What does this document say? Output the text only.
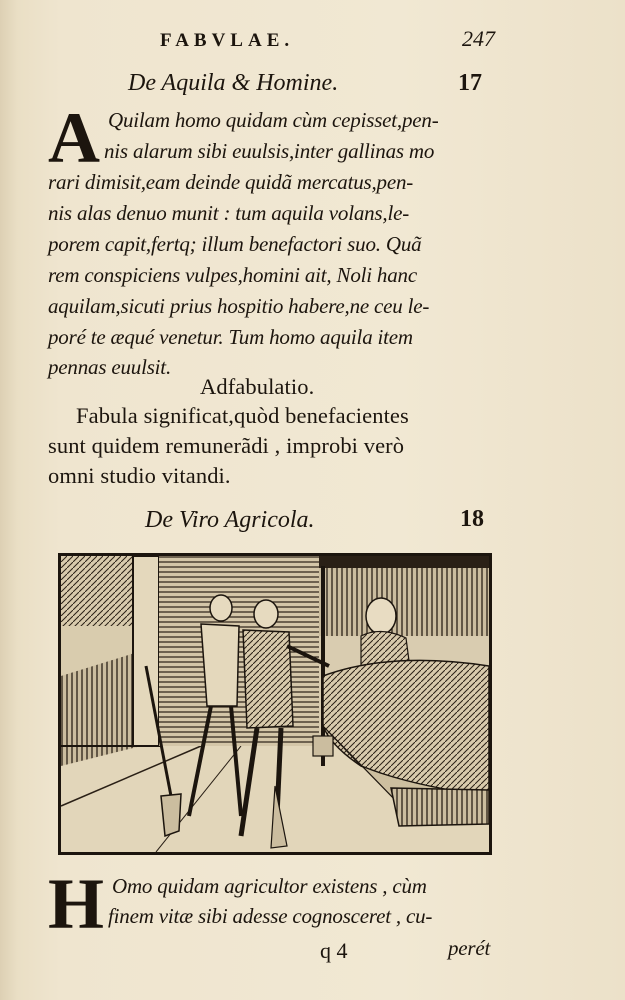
FABVLAE.	247
De Aquila & Homine.	17
A Quilam homo quidam cùm cepisset,pen-
nis alarum sibi euulsis,inter gallinas mo
rari dimisit,eam deinde quidã mercatus,pen-
nis alas denuo munit : tum aquila volans,le-
porem capit,fertq; illum benefactori suo. Quã
rem conspiciens vulpes,homini ait, Noli hanc
aquilam,sicuti prius hospitio habere,ne ceu le-
poré te æqué venetur. Tum homo aquila item
pennas euulsit.
Adfabulatio.
Fabula significat,quòd benefacientes
sunt quidem remunerãdi , improbi verò
omni studio vitandi.
De Viro Agricola.	18
H Omo quidam agricultor existens , cùm
finem vitæ sibi adesse cognosceret , cu-
q 4	perét
